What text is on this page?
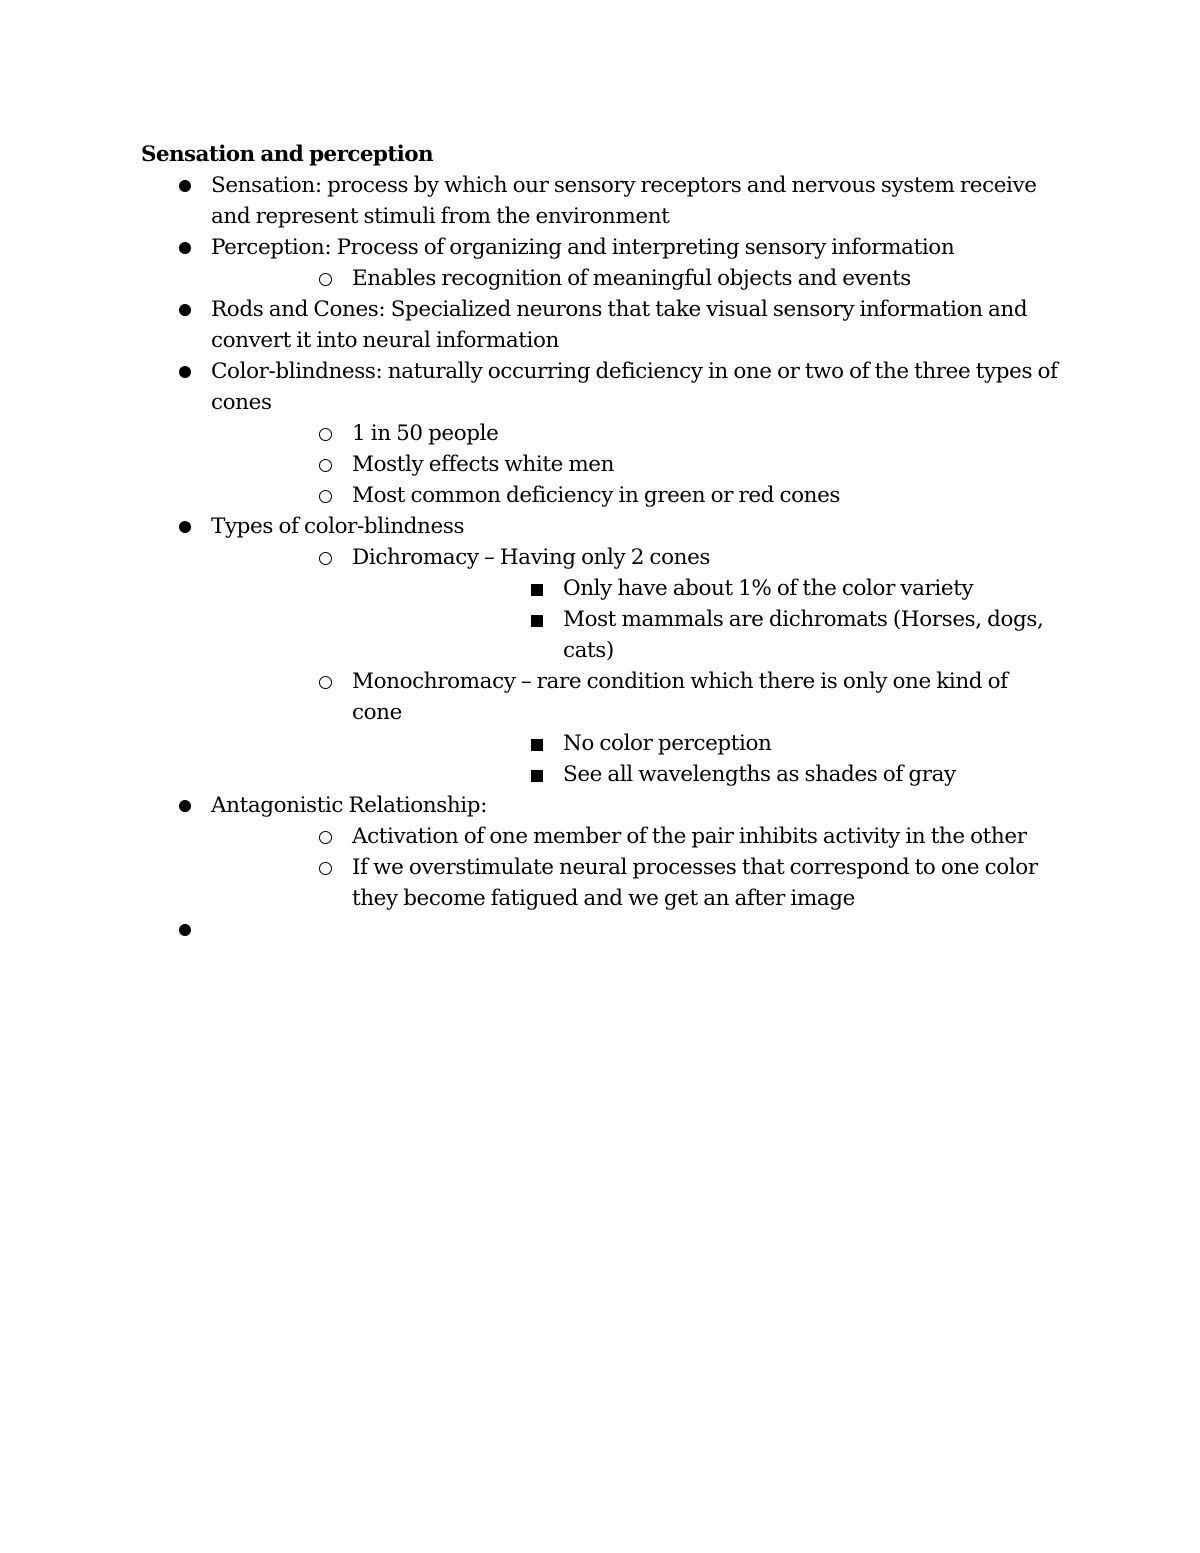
Sensation and perception

Sensation: process by which our sensory receptors and nervous system receive and represent stimuli from the environment
Perception: Process of organizing and interpreting sensory information
Enables recognition of meaningful objects and events
Rods and Cones: Specialized neurons that take visual sensory information and convert it into neural information
Color-blindness: naturally occurring deficiency in one or two of the three types of cones
1 in 50 people
Mostly effects white men
Most common deficiency in green or red cones
Types of color-blindness
Dichromacy – Having only 2 cones
Only have about 1% of the color variety
Most mammals are dichromats (Horses, dogs, cats)
Monochromacy – rare condition which there is only one kind of cone
No color perception
See all wavelengths as shades of gray
Antagonistic Relationship:
Activation of one member of the pair inhibits activity in the other
If we overstimulate neural processes that correspond to one color they become fatigued and we get an after image
